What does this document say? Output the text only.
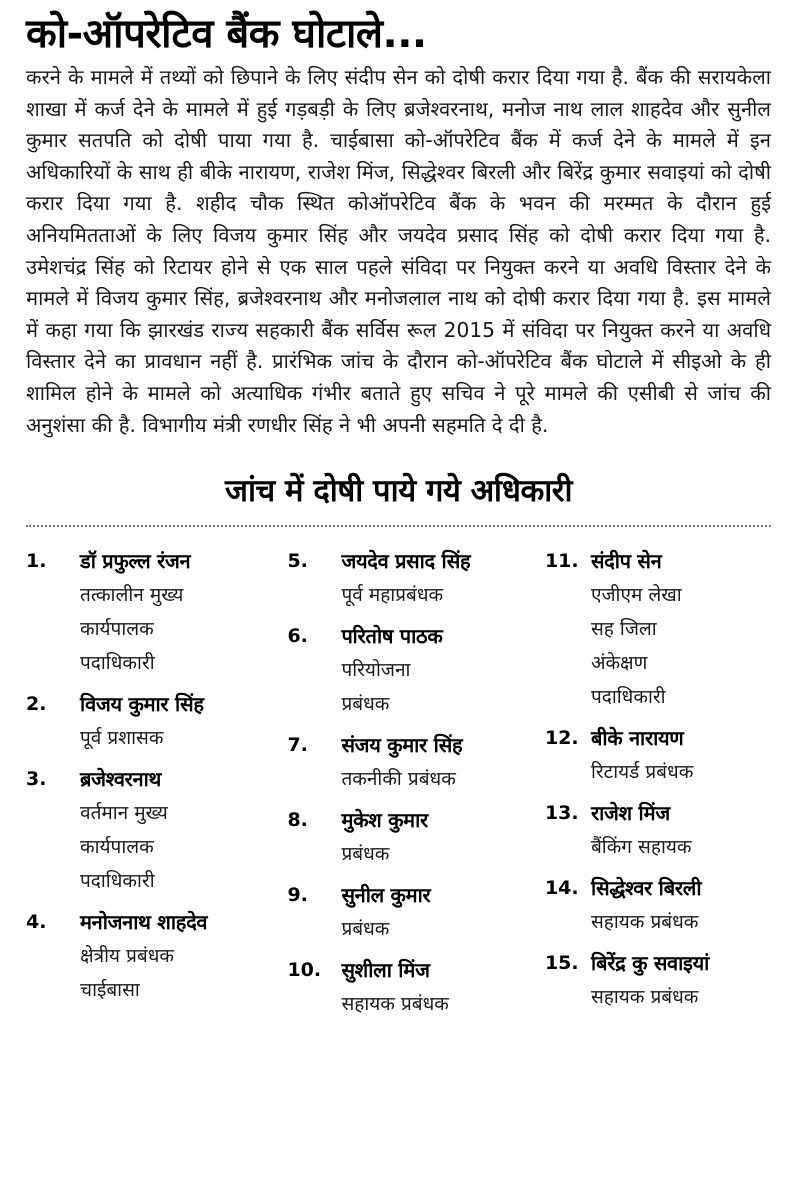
को-ऑपरेटिव बैंक घोटाले...

करने के मामले में तथ्यों को छिपाने के लिए संदीप सेन को दोषी करार दिया गया है. बैंक की सरायकेला शाखा में कर्ज देने के मामले में हुई गड़बड़ी के लिए ब्रजेश्वरनाथ, मनोज नाथ लाल शाहदेव और सुनील कुमार सतपति को दोषी पाया गया है. चाईबासा को-ऑपरेटिव बैंक में कर्ज देने के मामले में इन अधिकारियों के साथ ही बीके नारायण, राजेश मिंज, सिद्धेश्वर बिरली और बिरेंद्र कुमार सवाइयां को दोषी करार दिया गया है. शहीद चौक स्थित कोऑपरेटिव बैंक के भवन की मरम्मत के दौरान हुई अनियमितताओं के लिए विजय कुमार सिंह और जयदेव प्रसाद सिंह को दोषी करार दिया गया है. उमेशचंद्र सिंह को रिटायर होने से एक साल पहले संविदा पर नियुक्त करने या अवधि विस्तार देने के मामले में विजय कुमार सिंह, ब्रजेश्वरनाथ और मनोजलाल नाथ को दोषी करार दिया गया है. इस मामले में कहा गया कि झारखंड राज्य सहकारी बैंक सर्विस रूल 2015 में संविदा पर नियुक्त करने या अवधि विस्तार देने का प्रावधान नहीं है. प्रारंभिक जांच के दौरान को-ऑपरेटिव बैंक घोटाले में सीइओ के ही शामिल होने के मामले को अत्याधिक गंभीर बताते हुए सचिव ने पूरे मामले की एसीबी से जांच की अनुशंसा की है. विभागीय मंत्री रणधीर सिंह ने भी अपनी सहमति दे दी है.

जांच में दोषी पाये गये अधिकारी
1.	डॉ प्रफुल्ल रंजन
तत्कालीन मुख्य
कार्यपालक
पदाधिकारी
2.	विजय कुमार सिंह
पूर्व प्रशासक
3.	ब्रजेश्वरनाथ
वर्तमान मुख्य
कार्यपालक
पदाधिकारी
4.	मनोजनाथ शाहदेव
क्षेत्रीय प्रबंधक
चाईबासा
5.	जयदेव प्रसाद सिंह
पूर्व महाप्रबंधक
6.	परितोष पाठक
परियोजना
प्रबंधक
7.	संजय कुमार सिंह
तकनीकी प्रबंधक
8.	मुकेश कुमार
प्रबंधक
9.	सुनील कुमार
प्रबंधक
10.	सुशीला मिंज
सहायक प्रबंधक
11. संदीप सेन
एजीएम लेखा
सह जिला
अंकेक्षण
पदाधिकारी
12. बीके नारायण
रिटायर्ड प्रबंधक
13. राजेश मिंज
बैंकिंग सहायक
14. सिद्धेश्वर बिरली
सहायक प्रबंधक
15. बिरेंद्र कु सवाइयां
सहायक प्रबंधक
